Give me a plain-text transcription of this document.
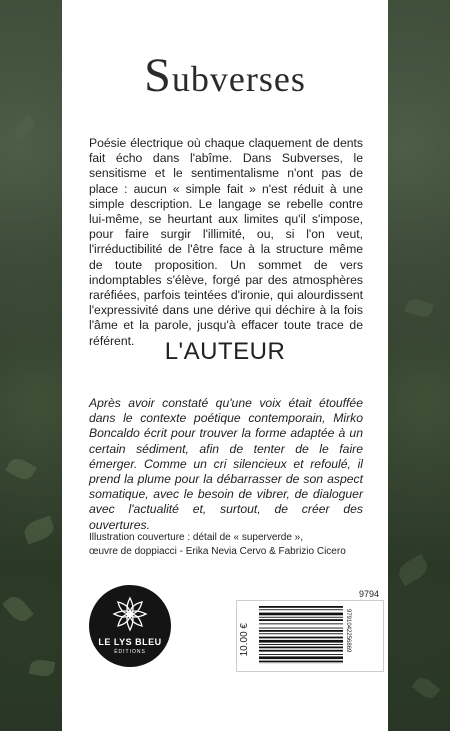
Subverses

Poésie électrique où chaque claquement de dents fait écho dans l'abîme. Dans Subverses, le sensitisme et le sentimentalisme n'ont pas de place : aucun « simple fait » n'est réduit à une simple description. Le langage se rebelle contre lui-même, se heurtant aux limites qu'il s'impose, pour faire surgir l'illimité, ou, si l'on veut, l'irréductibilité de l'être face à la structure même de toute proposition. Un sommet de vers indomptables s'élève, forgé par des atmosphères raréfiées, parfois teintées d'ironie, qui alourdissent l'expressivité dans une dérive qui déchire à la fois l'âme et la parole, jusqu'à effacer toute trace de référent.	L'AUTEUR

Après avoir constaté qu'une voix était étouffée dans le contexte poétique contemporain, Mirko Boncaldo écrit pour trouver la forme adaptée à un certain sédiment, afin de tenter de le faire émerger. Comme un cri silencieux et refoulé, il prend la plume pour la débarrasser de son aspect somatique, avec le besoin de vibrer, de dialoguer avec l'actualité et, surtout, de créer des ouvertures.

Illustration couverture : détail de « superverde »,
œuvre de doppiacci - Erika Nevia Cervo & Fabrizio Cicero
LE LYS BLEU
ÉDITIONS
9794
10.00 €	9791042256869
